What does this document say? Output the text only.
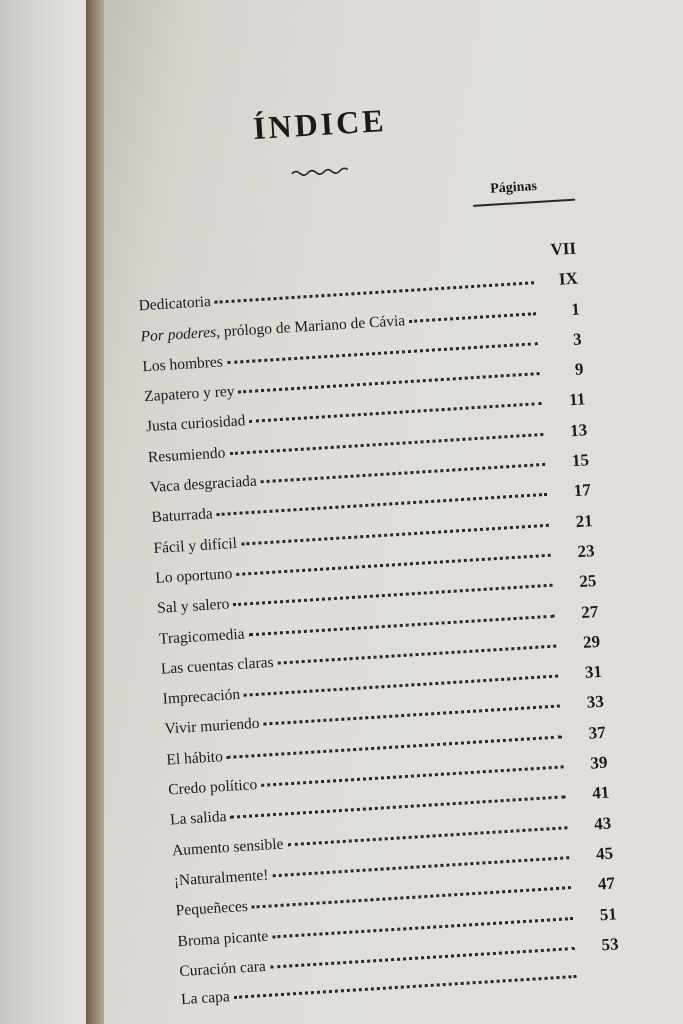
ÍNDICE
Páginas
VII
Dedicatoria
IX
Por poderes, prólogo de Mariano de Cávia
1
Los hombres
3
Zapatero y rey
9
Justa curiosidad
11
Resumiendo
13
Vaca desgraciada
15
Baturrada
17
Fácil y difícil
21
Lo oportuno
23
Sal y salero
25
Tragicomedia
27
Las cuentas claras
29
Imprecación
31
Vivir muriendo
33
El hábito
37
Credo político
39
La salida
41
Aumento sensible
43
¡Naturalmente!
45
Pequeñeces
47
Broma picante
51
Curación cara
53
La capa
